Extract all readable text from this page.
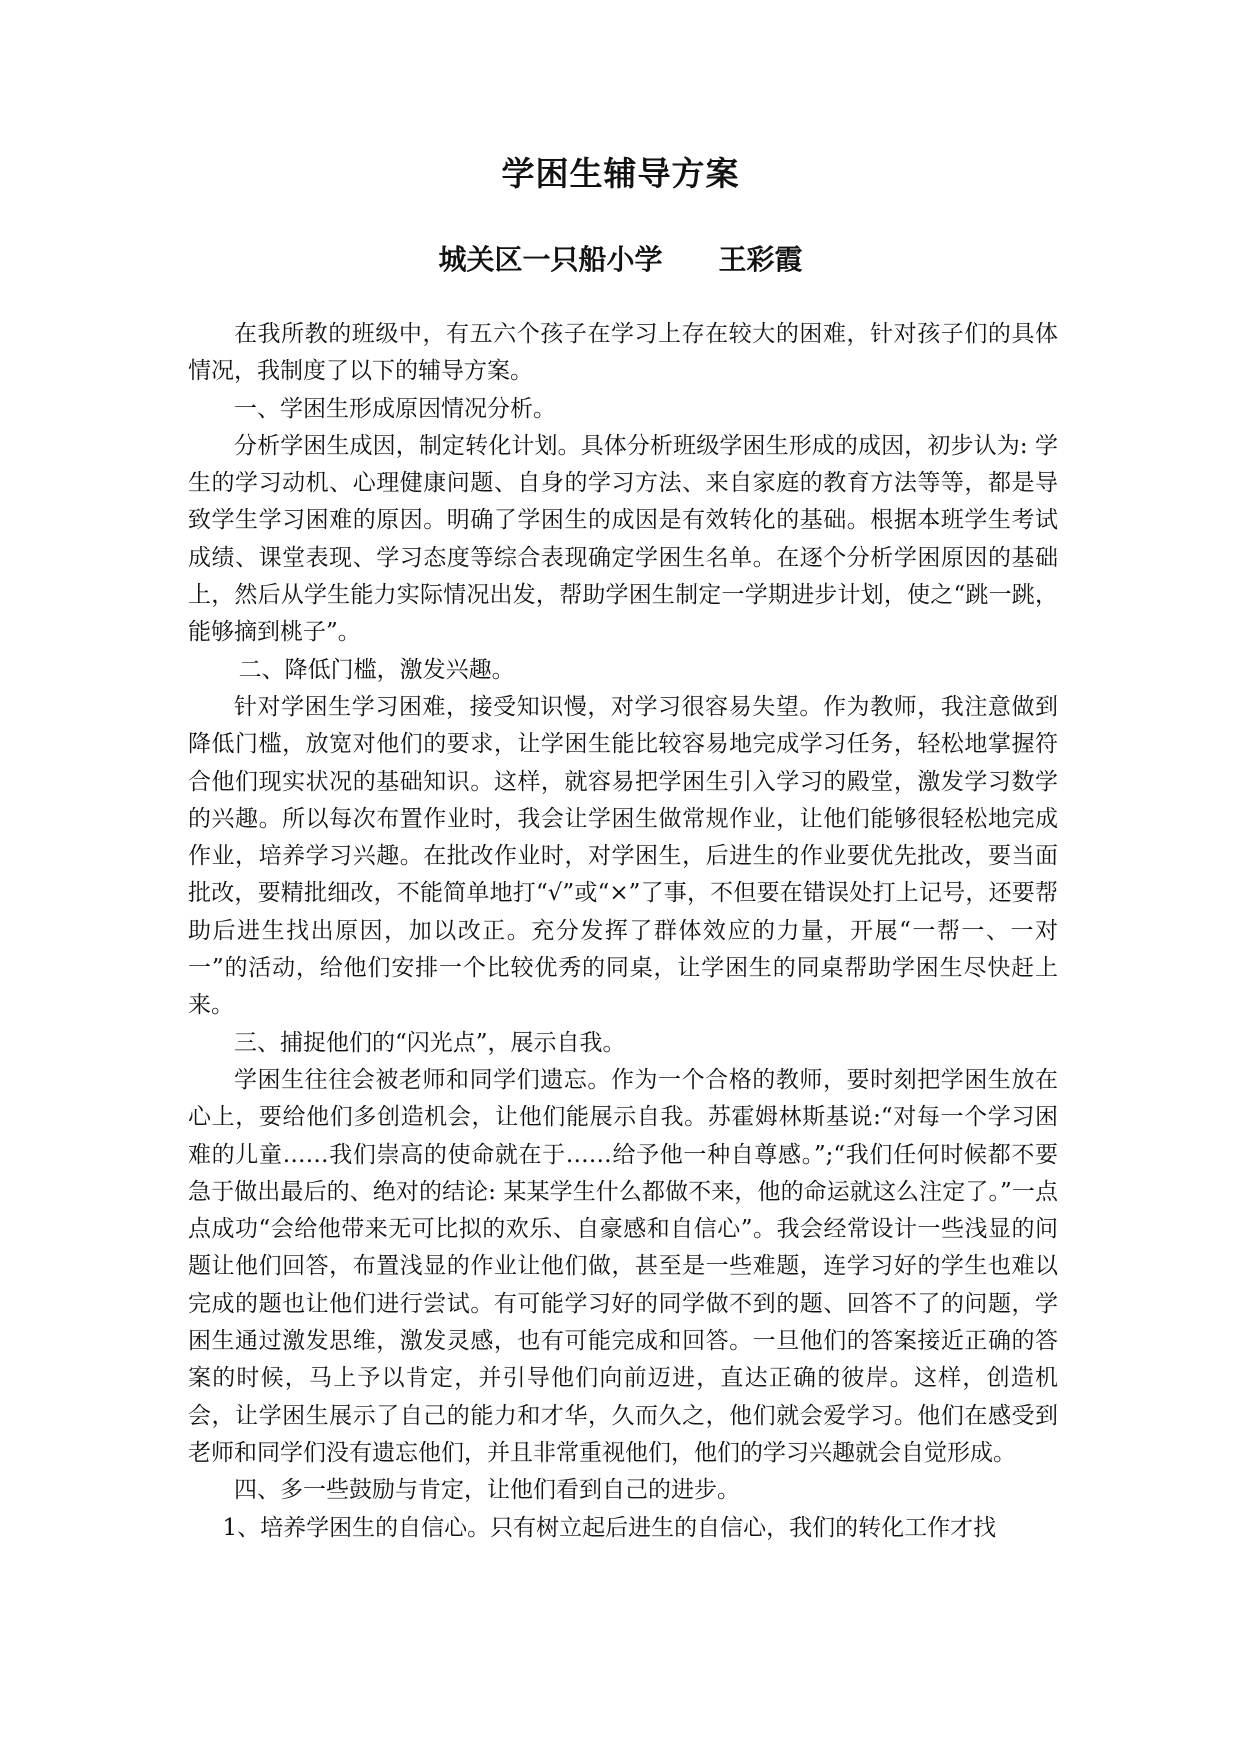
学困生辅导方案
城关区一只船小学　　王彩霞

在我所教的班级中，有五六个孩子在学习上存在较大的困难，针对孩子们的具体情况，我制度了以下的辅导方案。

一、学困生形成原因情况分析。

分析学困生成因，制定转化计划。具体分析班级学困生形成的成因，初步认为: 学生的学习动机、心理健康问题、自身的学习方法、来自家庭的教育方法等等，都是导致学生学习困难的原因。明确了学困生的成因是有效转化的基础。根据本班学生考试成绩、课堂表现、学习态度等综合表现确定学困生名单。在逐个分析学困原因的基础上，然后从学生能力实际情况出发，帮助学困生制定一学期进步计划，使之“跳一跳，能够摘到桃子”。

二、降低门槛，激发兴趣。

针对学困生学习困难，接受知识慢，对学习很容易失望。作为教师，我注意做到降低门槛，放宽对他们的要求，让学困生能比较容易地完成学习任务，轻松地掌握符合他们现实状况的基础知识。这样，就容易把学困生引入学习的殿堂，激发学习数学的兴趣。所以每次布置作业时，我会让学困生做常规作业，让他们能够很轻松地完成作业，培养学习兴趣。在批改作业时，对学困生，后进生的作业要优先批改，要当面批改，要精批细改，不能简单地打“√”或“×”了事，不但要在错误处打上记号，还要帮助后进生找出原因，加以改正。充分发挥了群体效应的力量，开展“一帮一、一对一”的活动，给他们安排一个比较优秀的同桌，让学困生的同桌帮助学困生尽快赶上来。

三、捕捉他们的“闪光点”，展示自我。

学困生往往会被老师和同学们遗忘。作为一个合格的教师，要时刻把学困生放在心上，要给他们多创造机会，让他们能展示自我。苏霍姆林斯基说:“对每一个学习困难的儿童……我们崇高的使命就在于……给予他一种自尊感。”;“我们任何时候都不要急于做出最后的、绝对的结论: 某某学生什么都做不来，他的命运就这么注定了。”一点点成功“会给他带来无可比拟的欢乐、自豪感和自信心”。我会经常设计一些浅显的问题让他们回答，布置浅显的作业让他们做，甚至是一些难题，连学习好的学生也难以完成的题也让他们进行尝试。有可能学习好的同学做不到的题、回答不了的问题，学困生通过激发思维，激发灵感，也有可能完成和回答。一旦他们的答案接近正确的答案的时候，马上予以肯定，并引导他们向前迈进，直达正确的彼岸。这样，创造机会，让学困生展示了自己的能力和才华，久而久之，他们就会爱学习。他们在感受到老师和同学们没有遗忘他们，并且非常重视他们，他们的学习兴趣就会自觉形成。

四、多一些鼓励与肯定，让他们看到自己的进步。

1、培养学困生的自信心。只有树立起后进生的自信心，我们的转化工作才找
